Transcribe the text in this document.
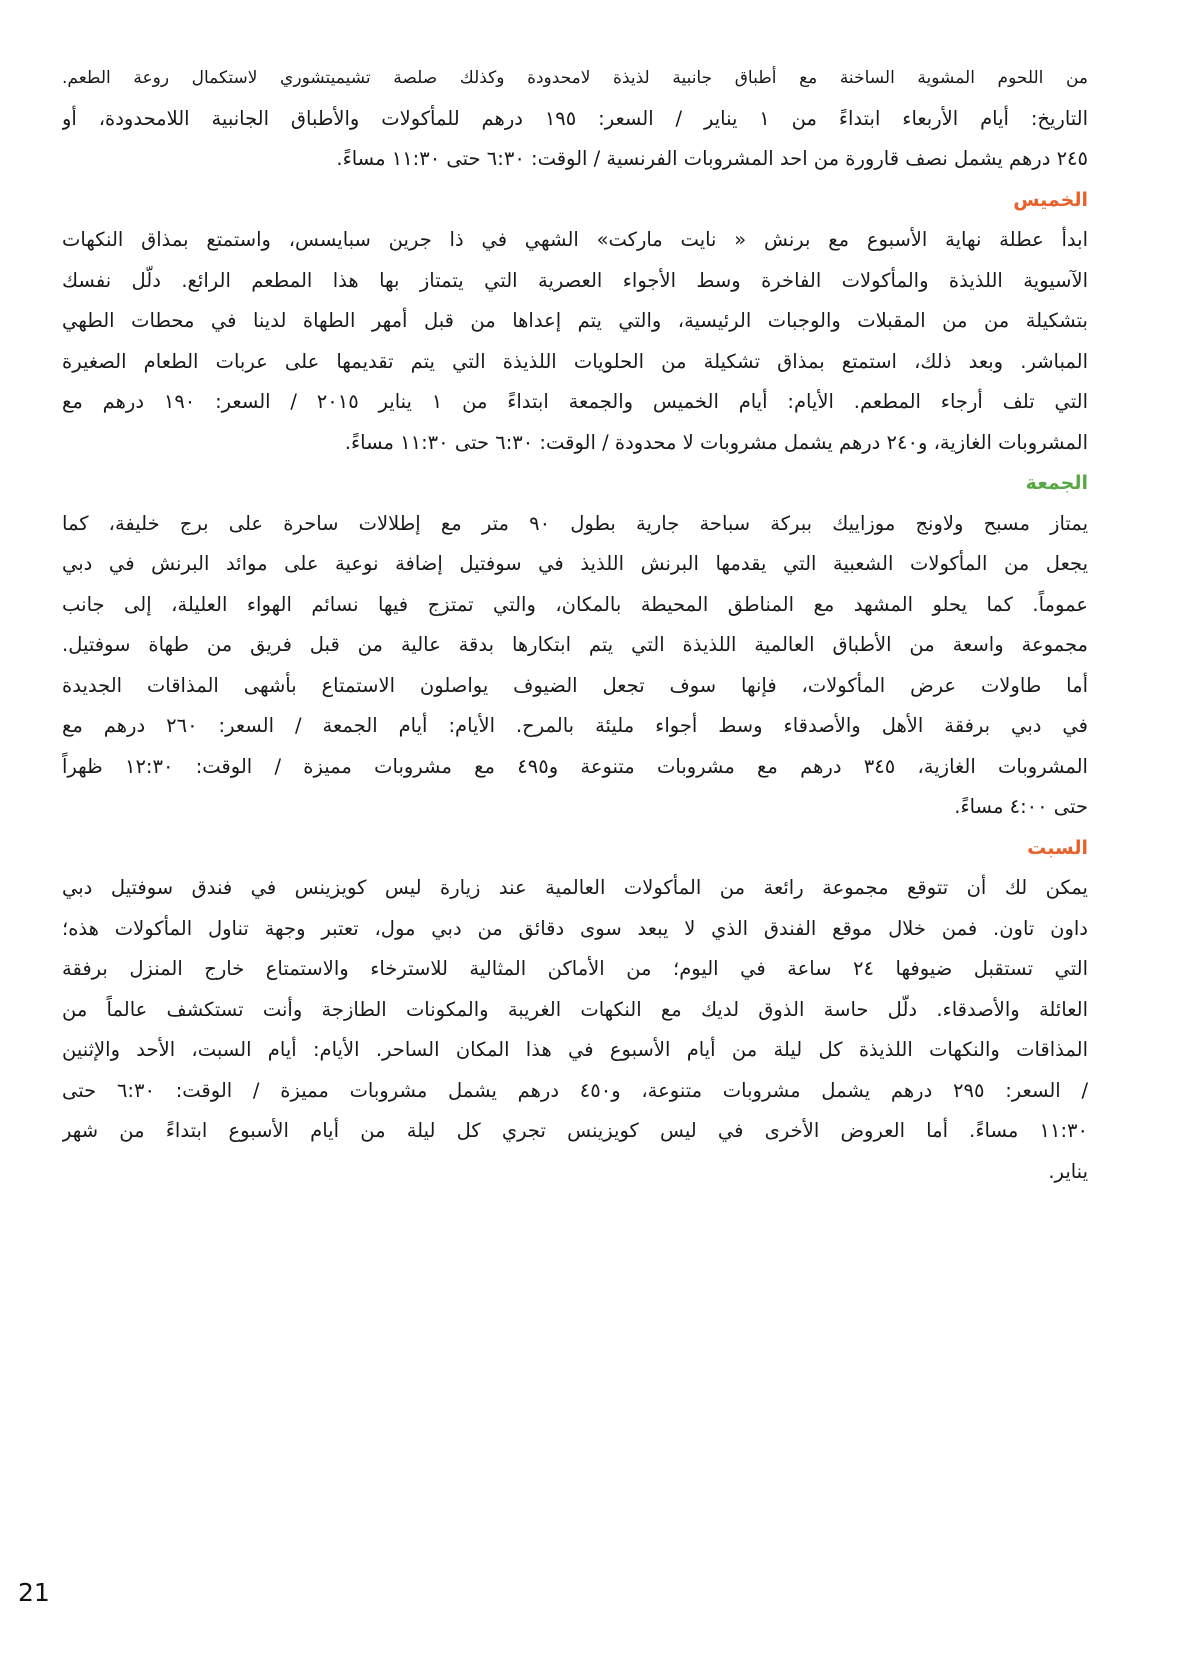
من اللحوم المشوية الساخنة مع أطباق جانبية لذيذة لامحدودة وكذلك صلصة تشيميتشوري لاستكمال روعة الطعم.
التاريخ: أيام الأربعاء ابتداءً من ١ يناير / السعر: ١٩٥ درهم للمأكولات والأطباق الجانبية اللامحدودة، أو
٢٤٥ درهم يشمل نصف قارورة من احد المشروبات الفرنسية / الوقت: ٦:٣٠ حتى ١١:٣٠ مساءً.
الخميس
ابدأ عطلة نهاية الأسبوع مع برنش « نايت ماركت» الشهي في ذا جرين سبايسس، واستمتع بمذاق النكهات
الآسيوية اللذيذة والمأكولات الفاخرة وسط الأجواء العصرية التي يتمتاز بها هذا المطعم الرائع. دلّل نفسك
بتشكيلة من من المقبلات والوجبات الرئيسية، والتي يتم إعداها من قبل أمهر الطهاة لدينا في محطات الطهي
المباشر. وبعد ذلك، استمتع بمذاق تشكيلة من الحلويات اللذيذة التي يتم تقديمها على عربات الطعام الصغيرة
التي تلف أرجاء المطعم. الأيام: أيام الخميس والجمعة ابتداءً من ١ يناير ٢٠١٥ / السعر: ١٩٠ درهم مع
المشروبات الغازية، و٢٤٠ درهم يشمل مشروبات لا محدودة / الوقت: ٦:٣٠ حتى ١١:٣٠ مساءً.
الجمعة
يمتاز مسبح ولاونج موزاييك ببركة سباحة جارية بطول ٩٠ متر مع إطلالات ساحرة على برج خليفة، كما
يجعل من المأكولات الشعبية التي يقدمها البرنش اللذيذ في سوفتيل إضافة نوعية على موائد البرنش في دبي
عموماً. كما يحلو المشهد مع المناطق المحيطة بالمكان، والتي تمتزج فيها نسائم الهواء العليلة، إلى جانب
مجموعة واسعة من الأطباق العالمية اللذيذة التي يتم ابتكارها بدقة عالية من قبل فريق من طهاة سوفتيل.
أما طاولات عرض المأكولات، فإنها سوف تجعل الضيوف يواصلون الاستمتاع بأشهى المذاقات الجديدة
في دبي برفقة الأهل والأصدقاء وسط أجواء مليئة بالمرح. الأيام: أيام الجمعة / السعر: ٢٦٠ درهم مع
المشروبات الغازية، ٣٤٥ درهم مع مشروبات متنوعة و٤٩٥ مع مشروبات مميزة / الوقت: ١٢:٣٠ ظهراً
حتى ٤:٠٠ مساءً.
السبت
يمكن لك أن تتوقع مجموعة رائعة من المأكولات العالمية عند زيارة ليس كويزينس في فندق سوفتيل دبي
داون تاون. فمن خلال موقع الفندق الذي لا يبعد سوى دقائق من دبي مول، تعتبر وجهة تناول المأكولات هذه؛
التي تستقبل ضيوفها ٢٤ ساعة في اليوم؛ من الأماكن المثالية للاسترخاء والاستمتاع خارج المنزل برفقة
العائلة والأصدقاء. دلّل حاسة الذوق لديك مع النكهات الغريبة والمكونات الطازجة وأنت تستكشف عالماً من
المذاقات والنكهات اللذيذة كل ليلة من أيام الأسبوع في هذا المكان الساحر. الأيام: أيام السبت، الأحد والإثنين
/ السعر: ٢٩٥ درهم يشمل مشروبات متنوعة، و٤٥٠ درهم يشمل مشروبات مميزة / الوقت: ٦:٣٠ حتى
١١:٣٠ مساءً. أما العروض الأخرى في ليس كويزينس تجري كل ليلة من أيام الأسبوع ابتداءً من شهر
يناير.
21
